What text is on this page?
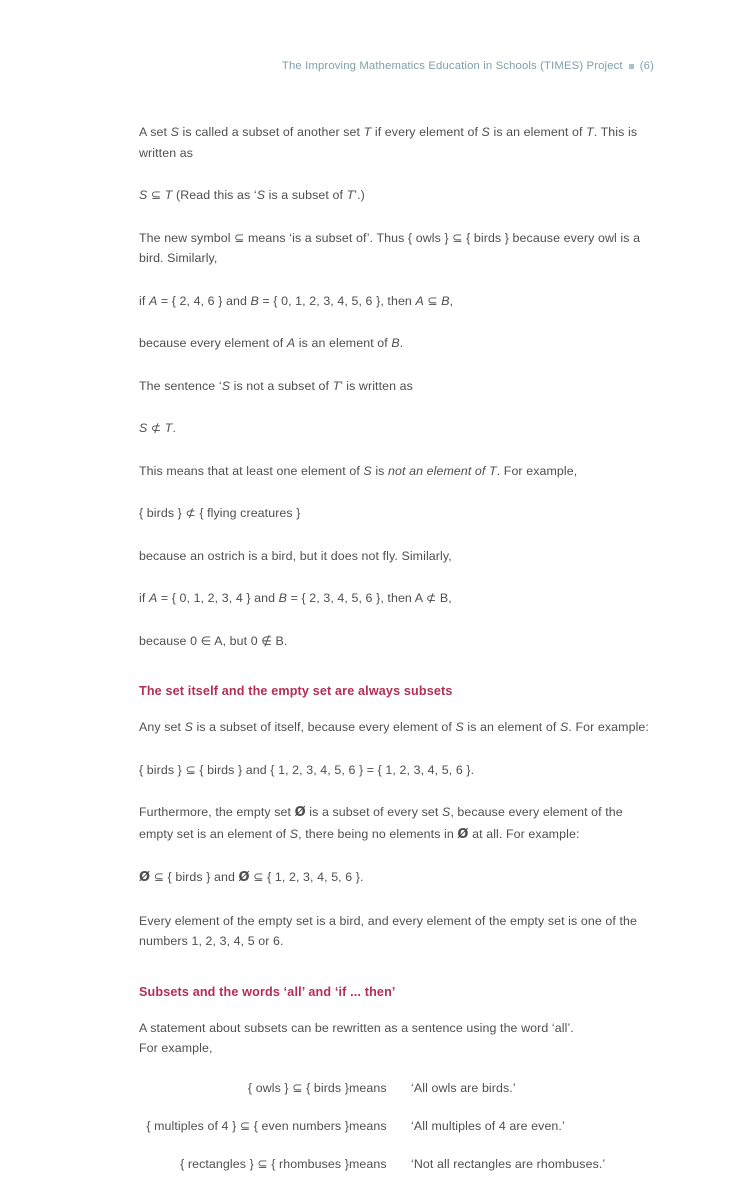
The Improving Mathematics Education in Schools (TIMES) Project (6)

A set S is called a subset of another set T if every element of S is an element of T. This is written as

S ⊆ T (Read this as ‘S is a subset of T’.)

The new symbol ⊆ means ‘is a subset of’. Thus { owls } ⊆ { birds } because every owl is a bird. Similarly,

if A = { 2, 4, 6 } and B = { 0, 1, 2, 3, 4, 5, 6 }, then A ⊆ B,

because every element of A is an element of B.

The sentence ‘S is not a subset of T’ is written as

S ⊄ T.

This means that at least one element of S is not an element of T. For example,

{ birds } ⊄ { flying creatures }

because an ostrich is a bird, but it does not fly. Similarly,

if A = { 0, 1, 2, 3, 4 } and B = { 2, 3, 4, 5, 6 }, then A ⊄ B,

because 0 ∈ A, but 0 ∉ B.

The set itself and the empty set are always subsets

Any set S is a subset of itself, because every element of S is an element of S. For example:

{ birds } ⊆ { birds } and { 1, 2, 3, 4, 5, 6 } = { 1, 2, 3, 4, 5, 6 }.

Furthermore, the empty set Ø is a subset of every set S, because every element of the empty set is an element of S, there being no elements in Ø at all. For example:

Ø ⊆ { birds } and Ø ⊆ { 1, 2, 3, 4, 5, 6 }.

Every element of the empty set is a bird, and every element of the empty set is one of the numbers 1, 2, 3, 4, 5 or 6.

Subsets and the words ‘all’ and ‘if ... then’

A statement about subsets can be rewritten as a sentence using the word ‘all’.

For example,

{ owls } ⊆ { birds }	means	‘All owls are birds.’
{ multiples of 4 } ⊆ { even numbers }	means	‘All multiples of 4 are even.’
{ rectangles } ⊆ { rhombuses }	means	‘Not all rectangles are rhombuses.’
